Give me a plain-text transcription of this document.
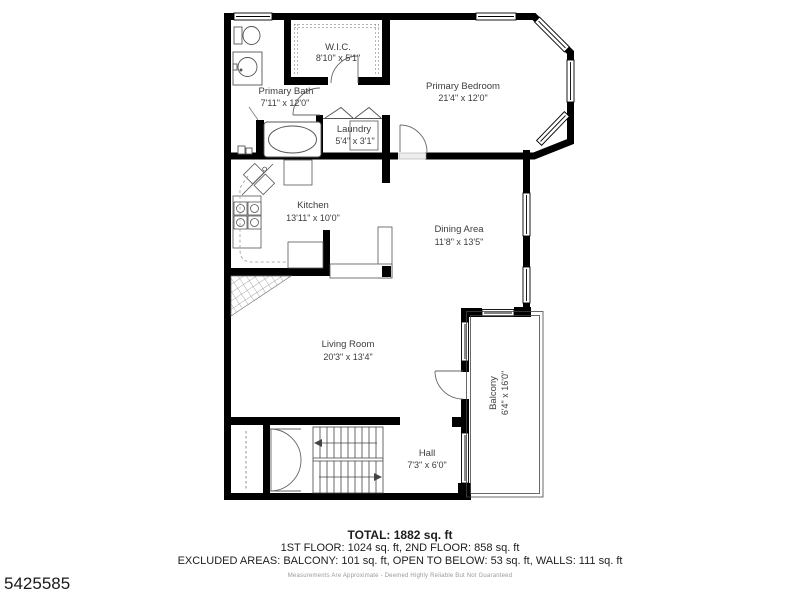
W.I.C.
8'10" x 5'1"
Primary Bath
7'11" x 12'0"
Primary Bedroom
21'4" x 12'0"
Laundry
5'4" x 3'1"
Kitchen
13'11" x 10'0"
Dining Area
11'8" x 13'5"
Living Room
20'3" x 13'4"
Hall
7'3" x 6'0"
Balcony 6'4" x 16'0"
TOTAL: 1882 sq. ft
1ST FLOOR: 1024 sq. ft, 2ND FLOOR: 858 sq. ft
EXCLUDED AREAS: BALCONY: 101 sq. ft, OPEN TO BELOW: 53 sq. ft, WALLS: 111 sq. ft
Measurements Are Approximate - Deemed Highly Reliable But Not Guaranteed
5425585
